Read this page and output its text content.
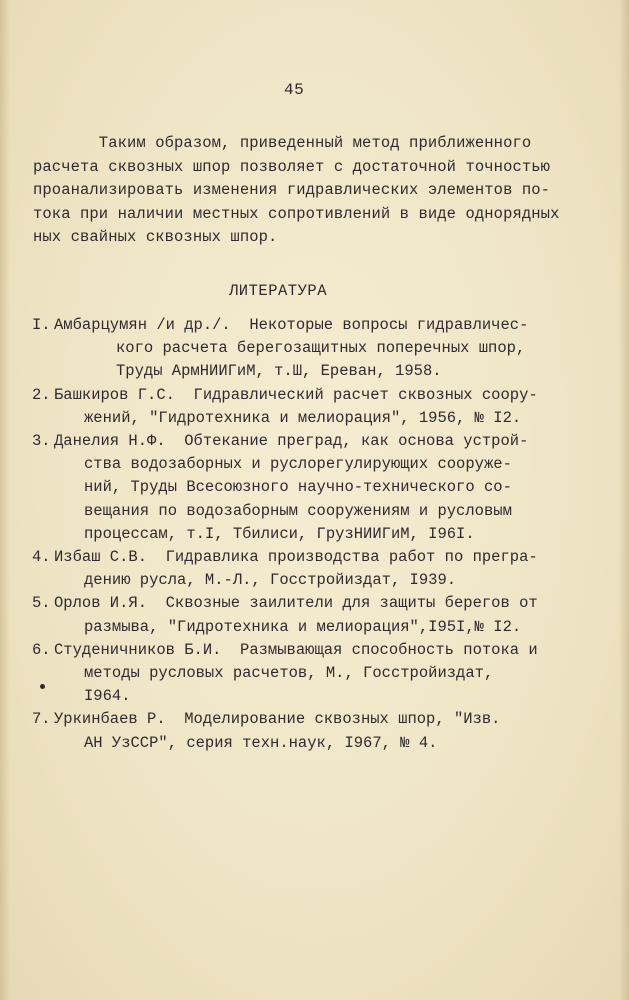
45
Таким образом, приведенный метод приближенного
расчета сквозных шпор позволяет с достаточной точностью
проанализировать изменения гидравлических элементов по-
тока при наличии местных сопротивлений в виде однорядных
ных свайных сквозных шпор.
ЛИТЕРАТУРА
I. Амбарцумян /и др./.  Некоторые вопросы гидравличес-
кого расчета берегозащитных поперечных шпор,
Труды АрмНИИГиМ, т.Ш, Ереван, 1958.
2. Башкиров Г.С.  Гидравлический расчет сквозных соору-
жений, "Гидротехника и мелиорация", 1956, № I2.
3. Данелия Н.Ф.  Обтекание преград, как основа устрой-
ства водозаборных и руслорегулирующих сооруже-
ний, Труды Всесоюзного научно-технического со-
вещания по водозаборным сооружениям и русловым
процессам, т.I, Тбилиси, ГрузНИИГиМ, I96I.
4. Избаш С.В.  Гидравлика производства работ по прегра-
дению русла, М.-Л., Госстройиздат, I939.
5. Орлов И.Я.  Сквозные заилители для защиты берегов от
размыва, "Гидротехника и мелиорация",I95I,№ I2.
6. Студеничников Б.И.  Размывающая способность потока и
методы русловых расчетов, М., Госстройиздат,
I964.
7. Уркинбаев Р.  Моделирование сквозных шпор, "Изв.
АН УзССР", серия техн.наук, I967, № 4.
